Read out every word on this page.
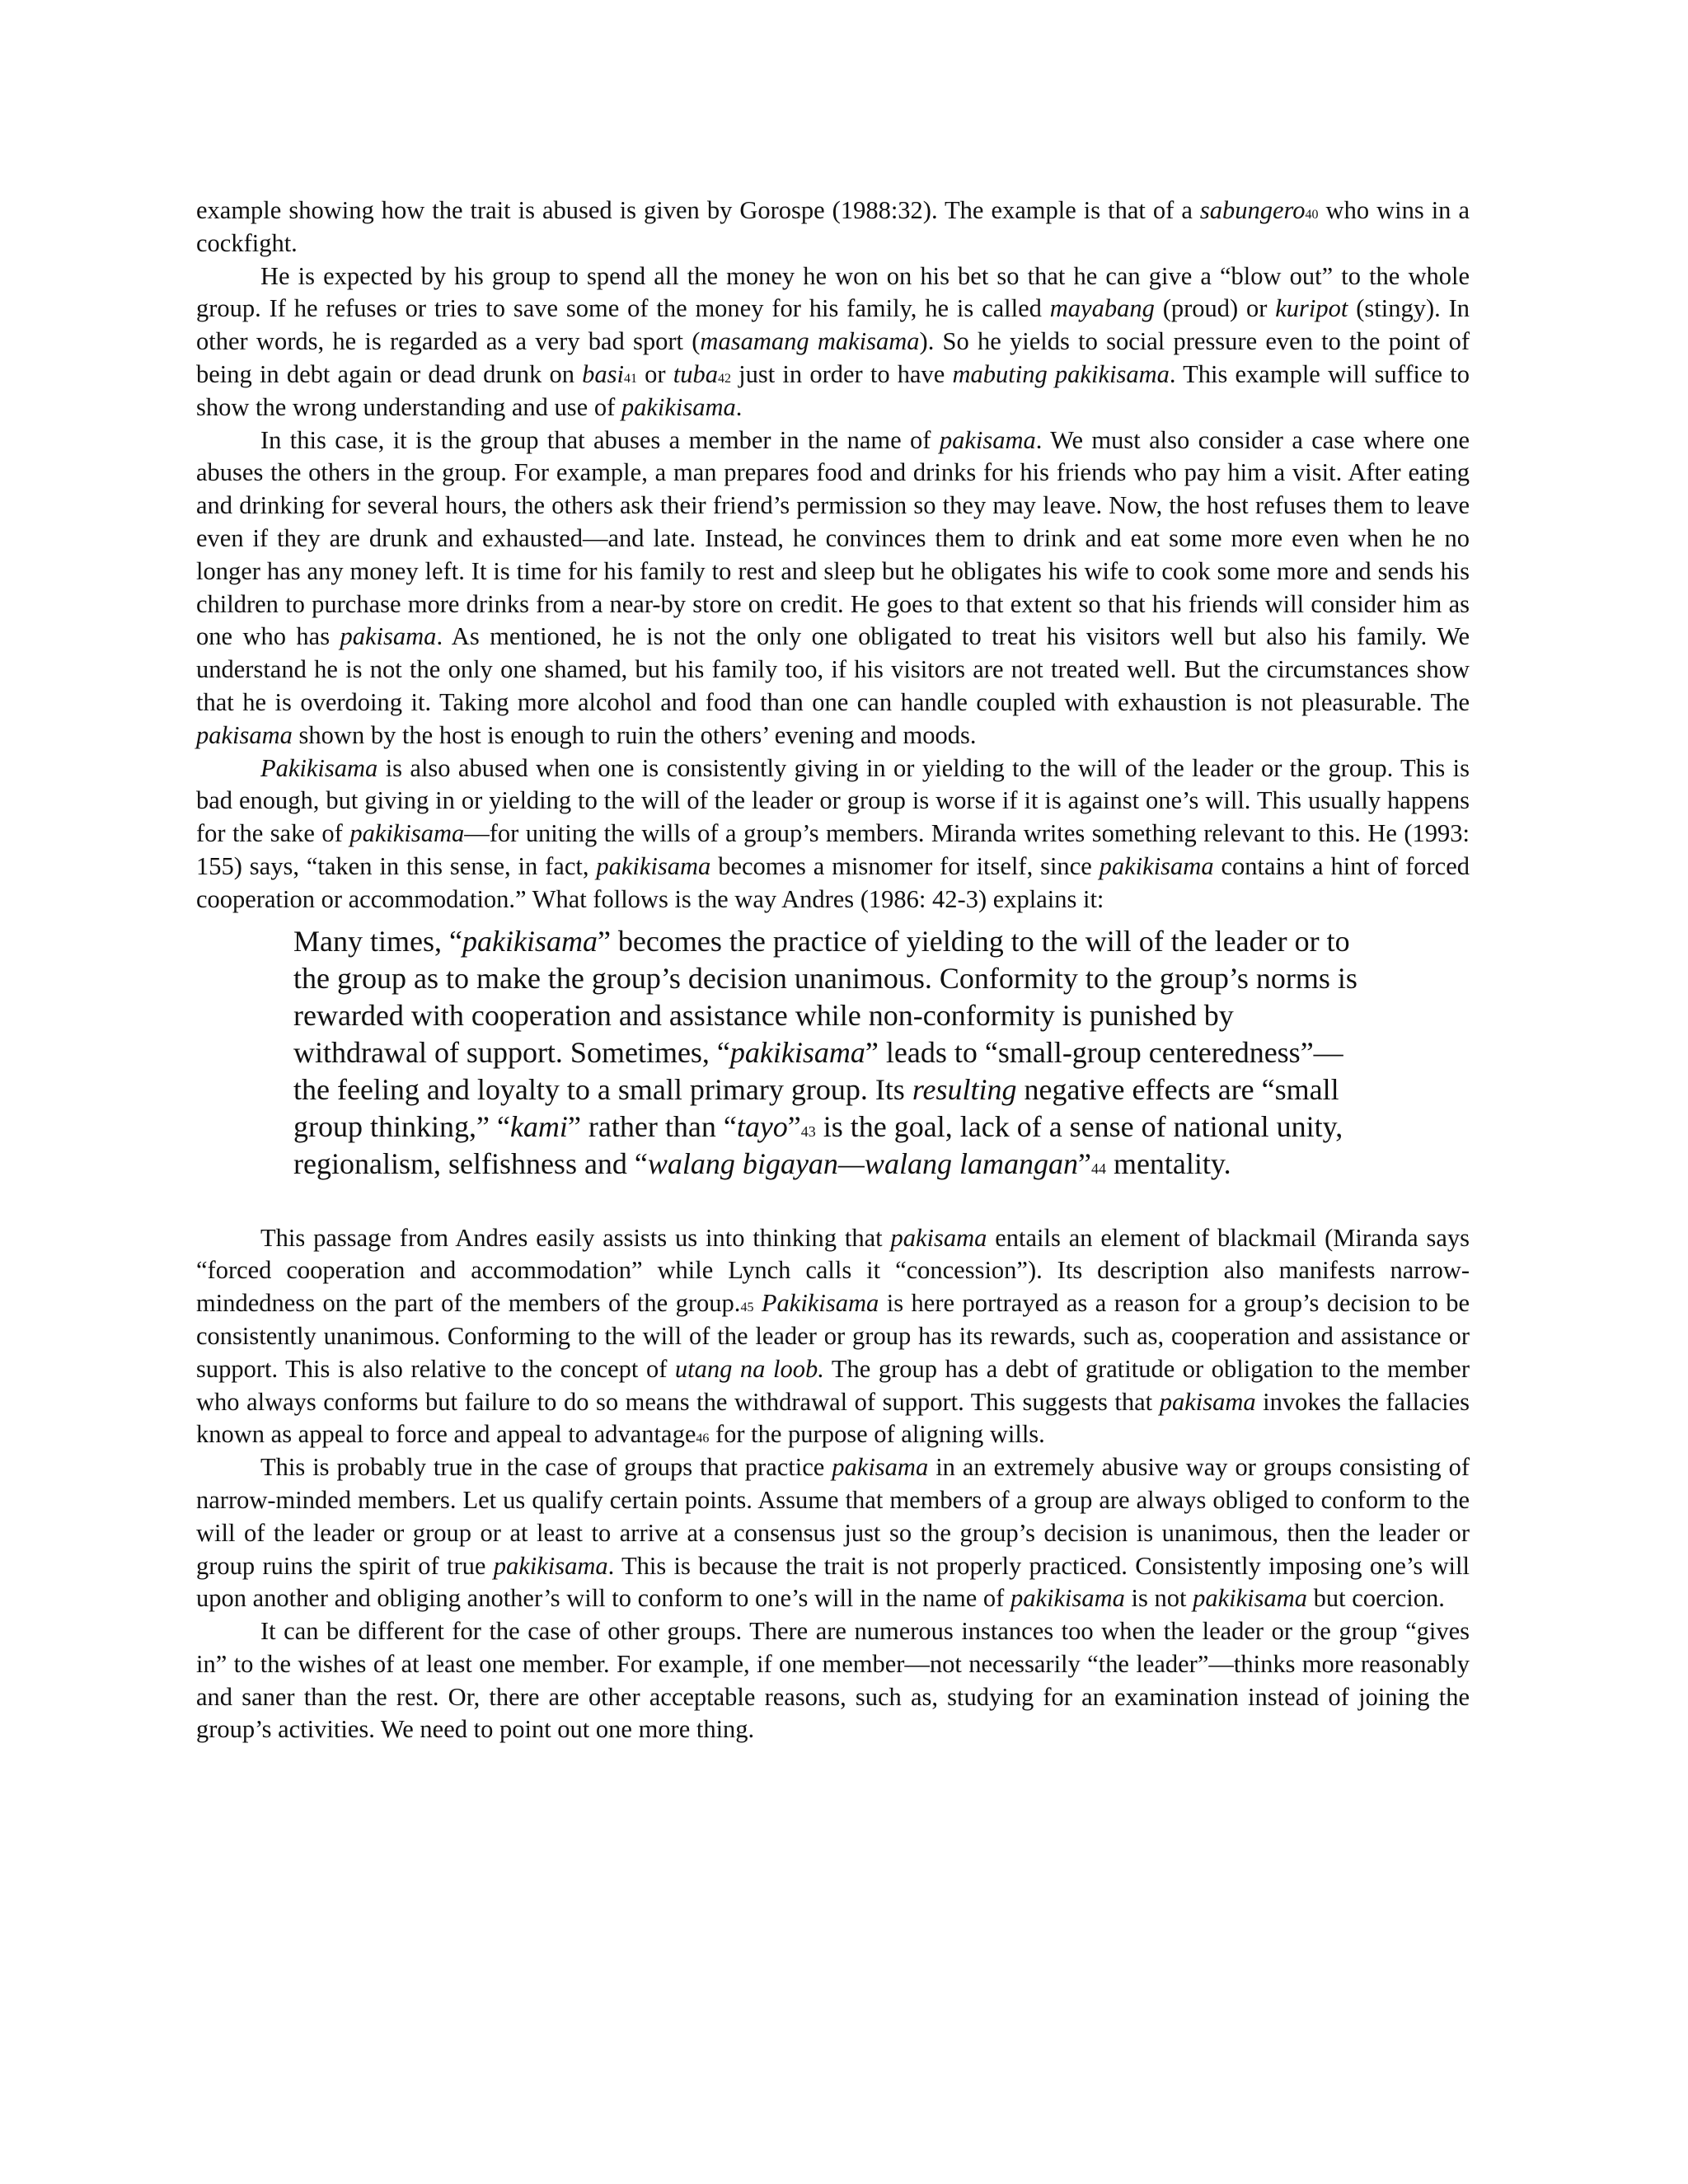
example showing how the trait is abused is given by Gorospe (1988:32). The example is that of a sabungero40 who wins in a cockfight.

He is expected by his group to spend all the money he won on his bet so that he can give a “blow out” to the whole group. If he refuses or tries to save some of the money for his family, he is called mayabang (proud) or kuripot (stingy). In other words, he is regarded as a very bad sport (masamang makisama). So he yields to social pressure even to the point of being in debt again or dead drunk on basi41 or tuba42 just in order to have mabuting pakikisama. This example will suffice to show the wrong understanding and use of pakikisama.

In this case, it is the group that abuses a member in the name of pakisama. We must also consider a case where one abuses the others in the group. For example, a man prepares food and drinks for his friends who pay him a visit. After eating and drinking for several hours, the others ask their friend’s permission so they may leave. Now, the host refuses them to leave even if they are drunk and exhausted—and late. Instead, he convinces them to drink and eat some more even when he no longer has any money left. It is time for his family to rest and sleep but he obligates his wife to cook some more and sends his children to purchase more drinks from a near-by store on credit. He goes to that extent so that his friends will consider him as one who has pakisama. As mentioned, he is not the only one obligated to treat his visitors well but also his family. We understand he is not the only one shamed, but his family too, if his visitors are not treated well. But the circumstances show that he is overdoing it. Taking more alcohol and food than one can handle coupled with exhaustion is not pleasurable. The pakisama shown by the host is enough to ruin the others’ evening and moods.

Pakikisama is also abused when one is consistently giving in or yielding to the will of the leader or the group. This is bad enough, but giving in or yielding to the will of the leader or group is worse if it is against one’s will. This usually happens for the sake of pakikisama—for uniting the wills of a group’s members. Miranda writes something relevant to this. He (1993: 155) says, “taken in this sense, in fact, pakikisama becomes a misnomer for itself, since pakikisama contains a hint of forced cooperation or accommodation.” What follows is the way Andres (1986: 42-3) explains it:

Many times, “pakikisama” becomes the practice of yielding to the will of the leader or to the group as to make the group’s decision unanimous. Conformity to the group’s norms is rewarded with cooperation and assistance while non-conformity is punished by withdrawal of support. Sometimes, “pakikisama” leads to “small-group centeredness”—the feeling and loyalty to a small primary group. Its resulting negative effects are “small group thinking,” “kami” rather than “tayo”43 is the goal, lack of a sense of national unity, regionalism, selfishness and “walang bigayan—walang lamangan”44 mentality.

This passage from Andres easily assists us into thinking that pakisama entails an element of blackmail (Miranda says “forced cooperation and accommodation” while Lynch calls it “concession”). Its description also manifests narrow-mindedness on the part of the members of the group.45 Pakikisama is here portrayed as a reason for a group’s decision to be consistently unanimous. Conforming to the will of the leader or group has its rewards, such as, cooperation and assistance or support. This is also relative to the concept of utang na loob. The group has a debt of gratitude or obligation to the member who always conforms but failure to do so means the withdrawal of support. This suggests that pakisama invokes the fallacies known as appeal to force and appeal to advantage46 for the purpose of aligning wills.

This is probably true in the case of groups that practice pakisama in an extremely abusive way or groups consisting of narrow-minded members. Let us qualify certain points. Assume that members of a group are always obliged to conform to the will of the leader or group or at least to arrive at a consensus just so the group’s decision is unanimous, then the leader or group ruins the spirit of true pakikisama. This is because the trait is not properly practiced. Consistently imposing one’s will upon another and obliging another’s will to conform to one’s will in the name of pakikisama is not pakikisama but coercion.

It can be different for the case of other groups. There are numerous instances too when the leader or the group “gives in” to the wishes of at least one member. For example, if one member—not necessarily “the leader”—thinks more reasonably and saner than the rest. Or, there are other acceptable reasons, such as, studying for an examination instead of joining the group’s activities. We need to point out one more thing.
